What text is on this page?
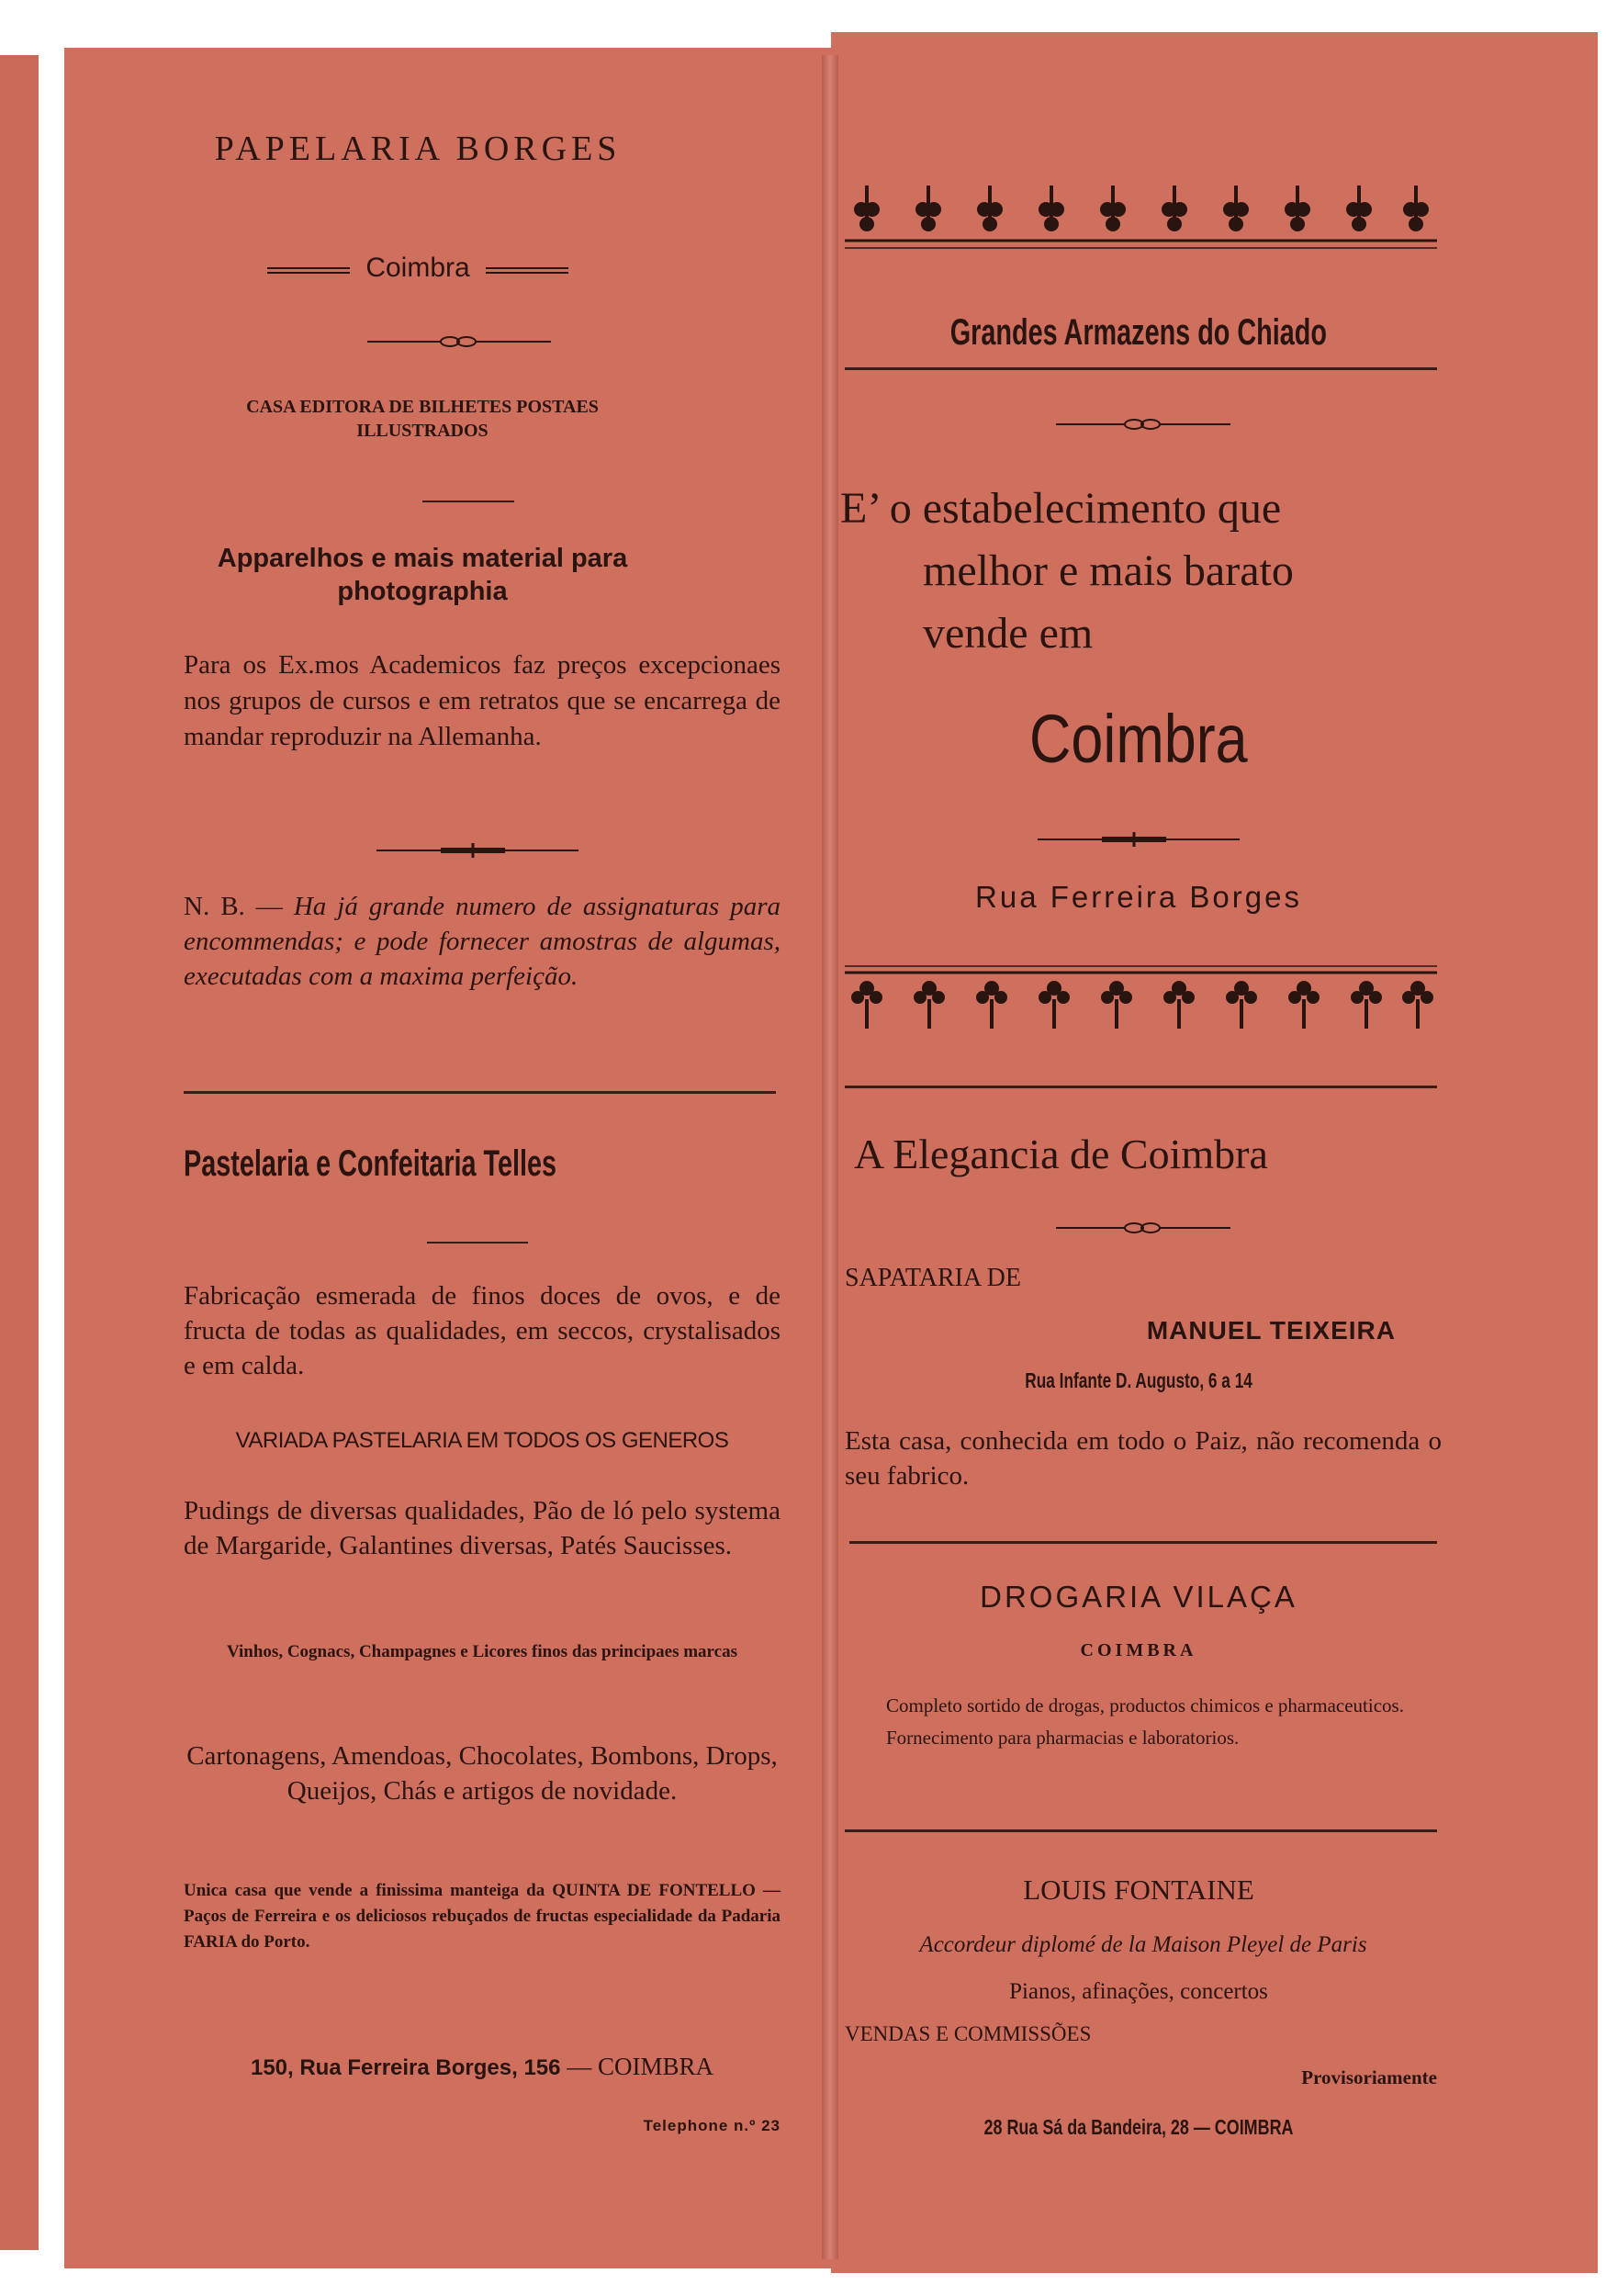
PAPELARIA BORGES
Coimbra
CASA EDITORA DE BILHETES POSTAES ILLUSTRADOS
Apparelhos e mais material para photographia
Para os Ex.mos Academicos faz preços excepcionaes nos grupos de cursos e em retratos que se encarrega de mandar reproduzir na Allemanha.
N. B. — Ha já grande numero de assignaturas para encommendas; e pode fornecer amostras de algumas, executadas com a maxima perfeição.
Pastelaria e Confeitaria Telles
Fabricação esmerada de finos doces de ovos, e de fructa de todas as qualidades, em seccos, crystalisados e em calda.
VARIADA PASTELARIA EM TODOS OS GENEROS
Pudings de diversas qualidades, Pão de ló pelo systema de Margaride, Galantines diversas, Patés Saucisses.
Vinhos, Cognacs, Champagnes e Licores finos das principaes marcas
Cartonagens, Amendoas, Chocolates, Bombons, Drops, Queijos, Chás e artigos de novidade.
Unica casa que vende a finissima manteiga da QUINTA DE FONTELLO — Paços de Ferreira e os deliciosos rebuçados de fructas especialidade da Padaria FARIA do Porto.
150, Rua Ferreira Borges, 156 — COIMBRA
Telephone n.º 23
Grandes Armazens do Chiado
E’ o estabelecimento que
melhor e mais barato
vende em
Coimbra
Rua Ferreira Borges
A Elegancia de Coimbra
SAPATARIA DE
MANUEL TEIXEIRA
Rua Infante D. Augusto, 6 a 14
Esta casa, conhecida em todo o Paiz, não recomenda o seu fabrico.
DROGARIA VILAÇA
COIMBRA
Completo sortido de drogas, productos chimicos e pharmaceuticos.
Fornecimento para pharmacias e laboratorios.
LOUIS FONTAINE
Accordeur diplomé de la Maison Pleyel de Paris
Pianos, afinações, concertos
VENDAS E COMMISSÕES
Provisoriamente
28 Rua Sá da Bandeira, 28 — COIMBRA
